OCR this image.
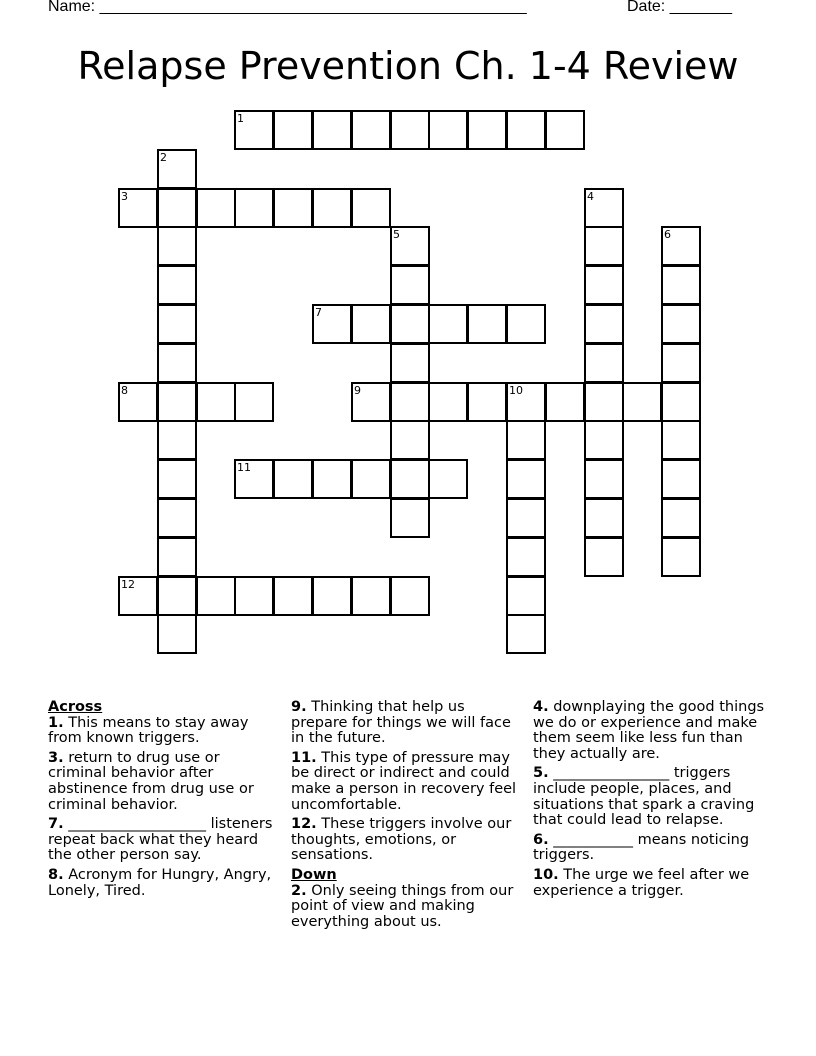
Name: ________________________________________________	Date: _______
Relapse Prevention Ch. 1-4 Review
1
2
3	4
5	6
7
8	9	10
11
12
Across
1. This means to stay away from known triggers.
3. return to drug use or criminal behavior after abstinence from drug use or criminal behavior.
7. ___________________ listeners repeat back what they heard the other person say.
8. Acronym for Hungry, Angry, Lonely, Tired.
9. Thinking that help us prepare for things we will face in the future.
11. This type of pressure may be direct or indirect and could make a person in recovery feel uncomfortable.
12. These triggers involve our thoughts, emotions, or sensations.
Down
2. Only seeing things from our point of view and making everything about us.
4. downplaying the good things we do or experience and make them seem like less fun than they actually are.
5. ________________ triggers include people, places, and situations that spark a craving that could lead to relapse.
6. ___________ means noticing triggers.
10. The urge we feel after we experience a trigger.
